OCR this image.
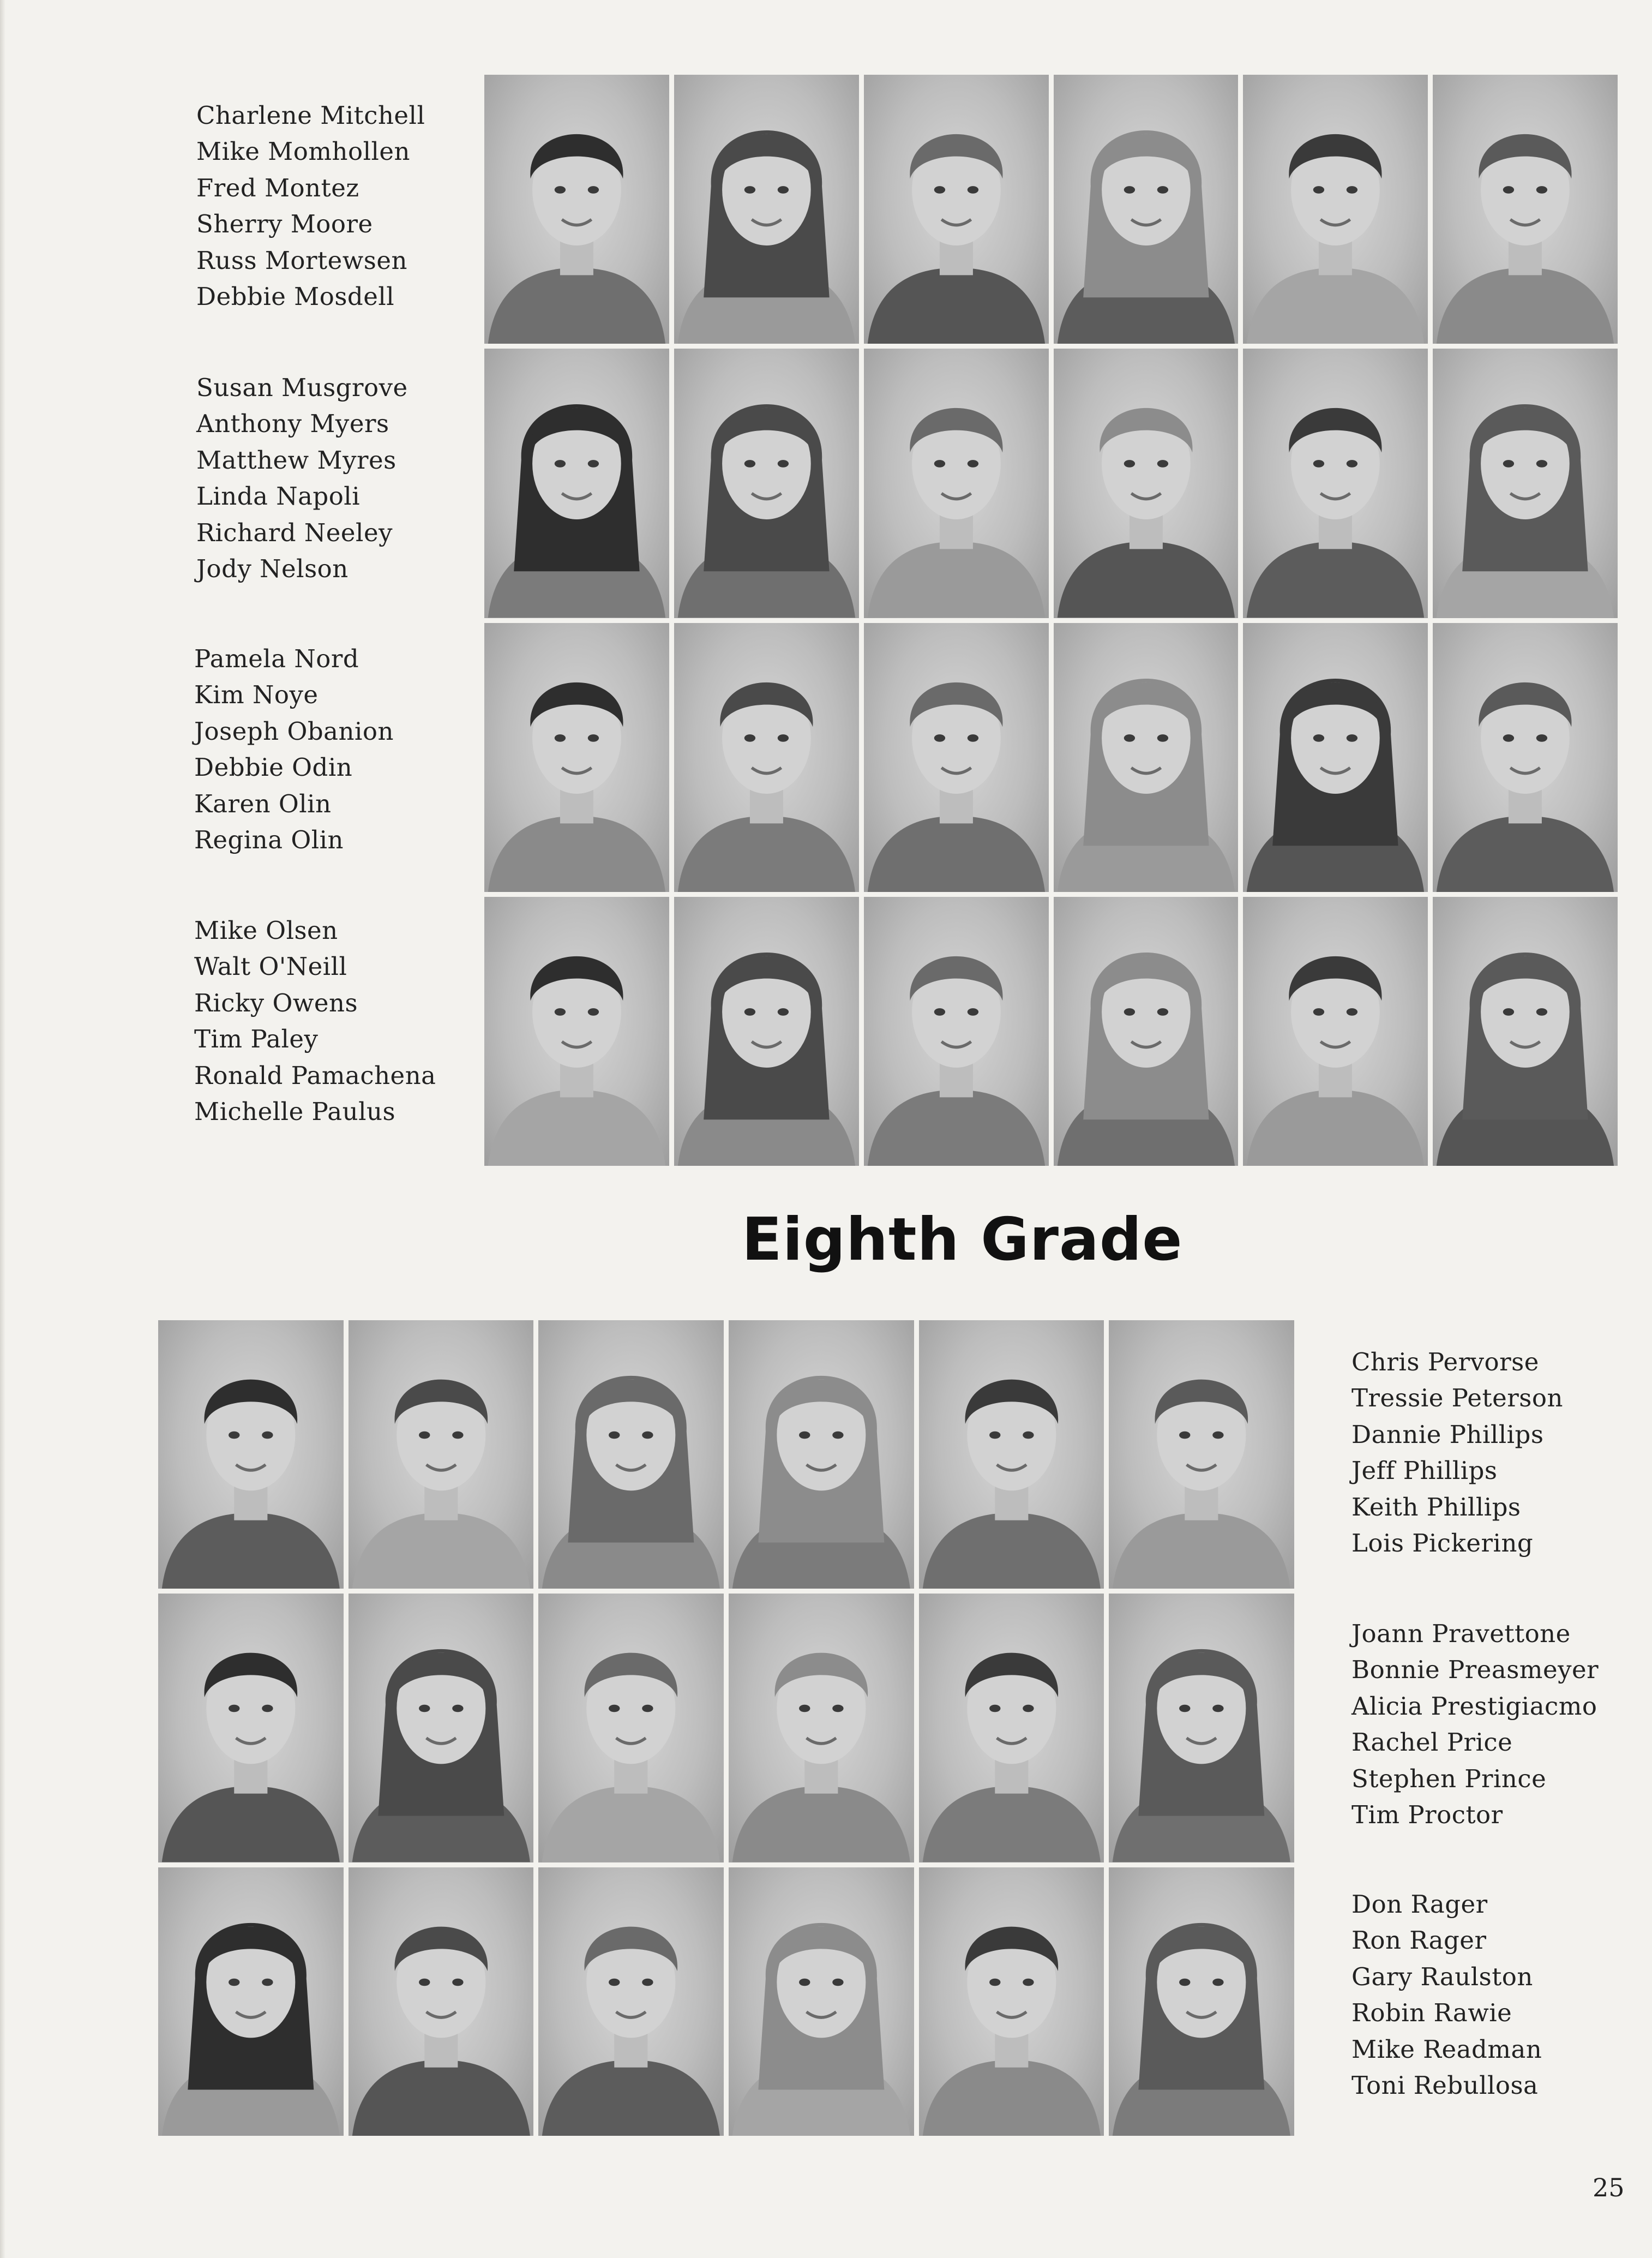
Charlene Mitchell
Mike Momhollen
Fred Montez
Sherry Moore
Russ Mortewsen
Debbie Mosdell
Susan Musgrove
Anthony Myers
Matthew Myres
Linda Napoli
Richard Neeley
Jody Nelson
Pamela Nord
Kim Noye
Joseph Obanion
Debbie Odin
Karen Olin
Regina Olin
Mike Olsen
Walt O'Neill
Ricky Owens
Tim Paley
Ronald Pamachena
Michelle Paulus
Eighth Grade
Chris Pervorse
Tressie Peterson
Dannie Phillips
Jeff Phillips
Keith Phillips
Lois Pickering
Joann Pravettone
Bonnie Preasmeyer
Alicia Prestigiacmo
Rachel Price
Stephen Prince
Tim Proctor
Don Rager
Ron Rager
Gary Raulston
Robin Rawie
Mike Readman
Toni Rebullosa
25
